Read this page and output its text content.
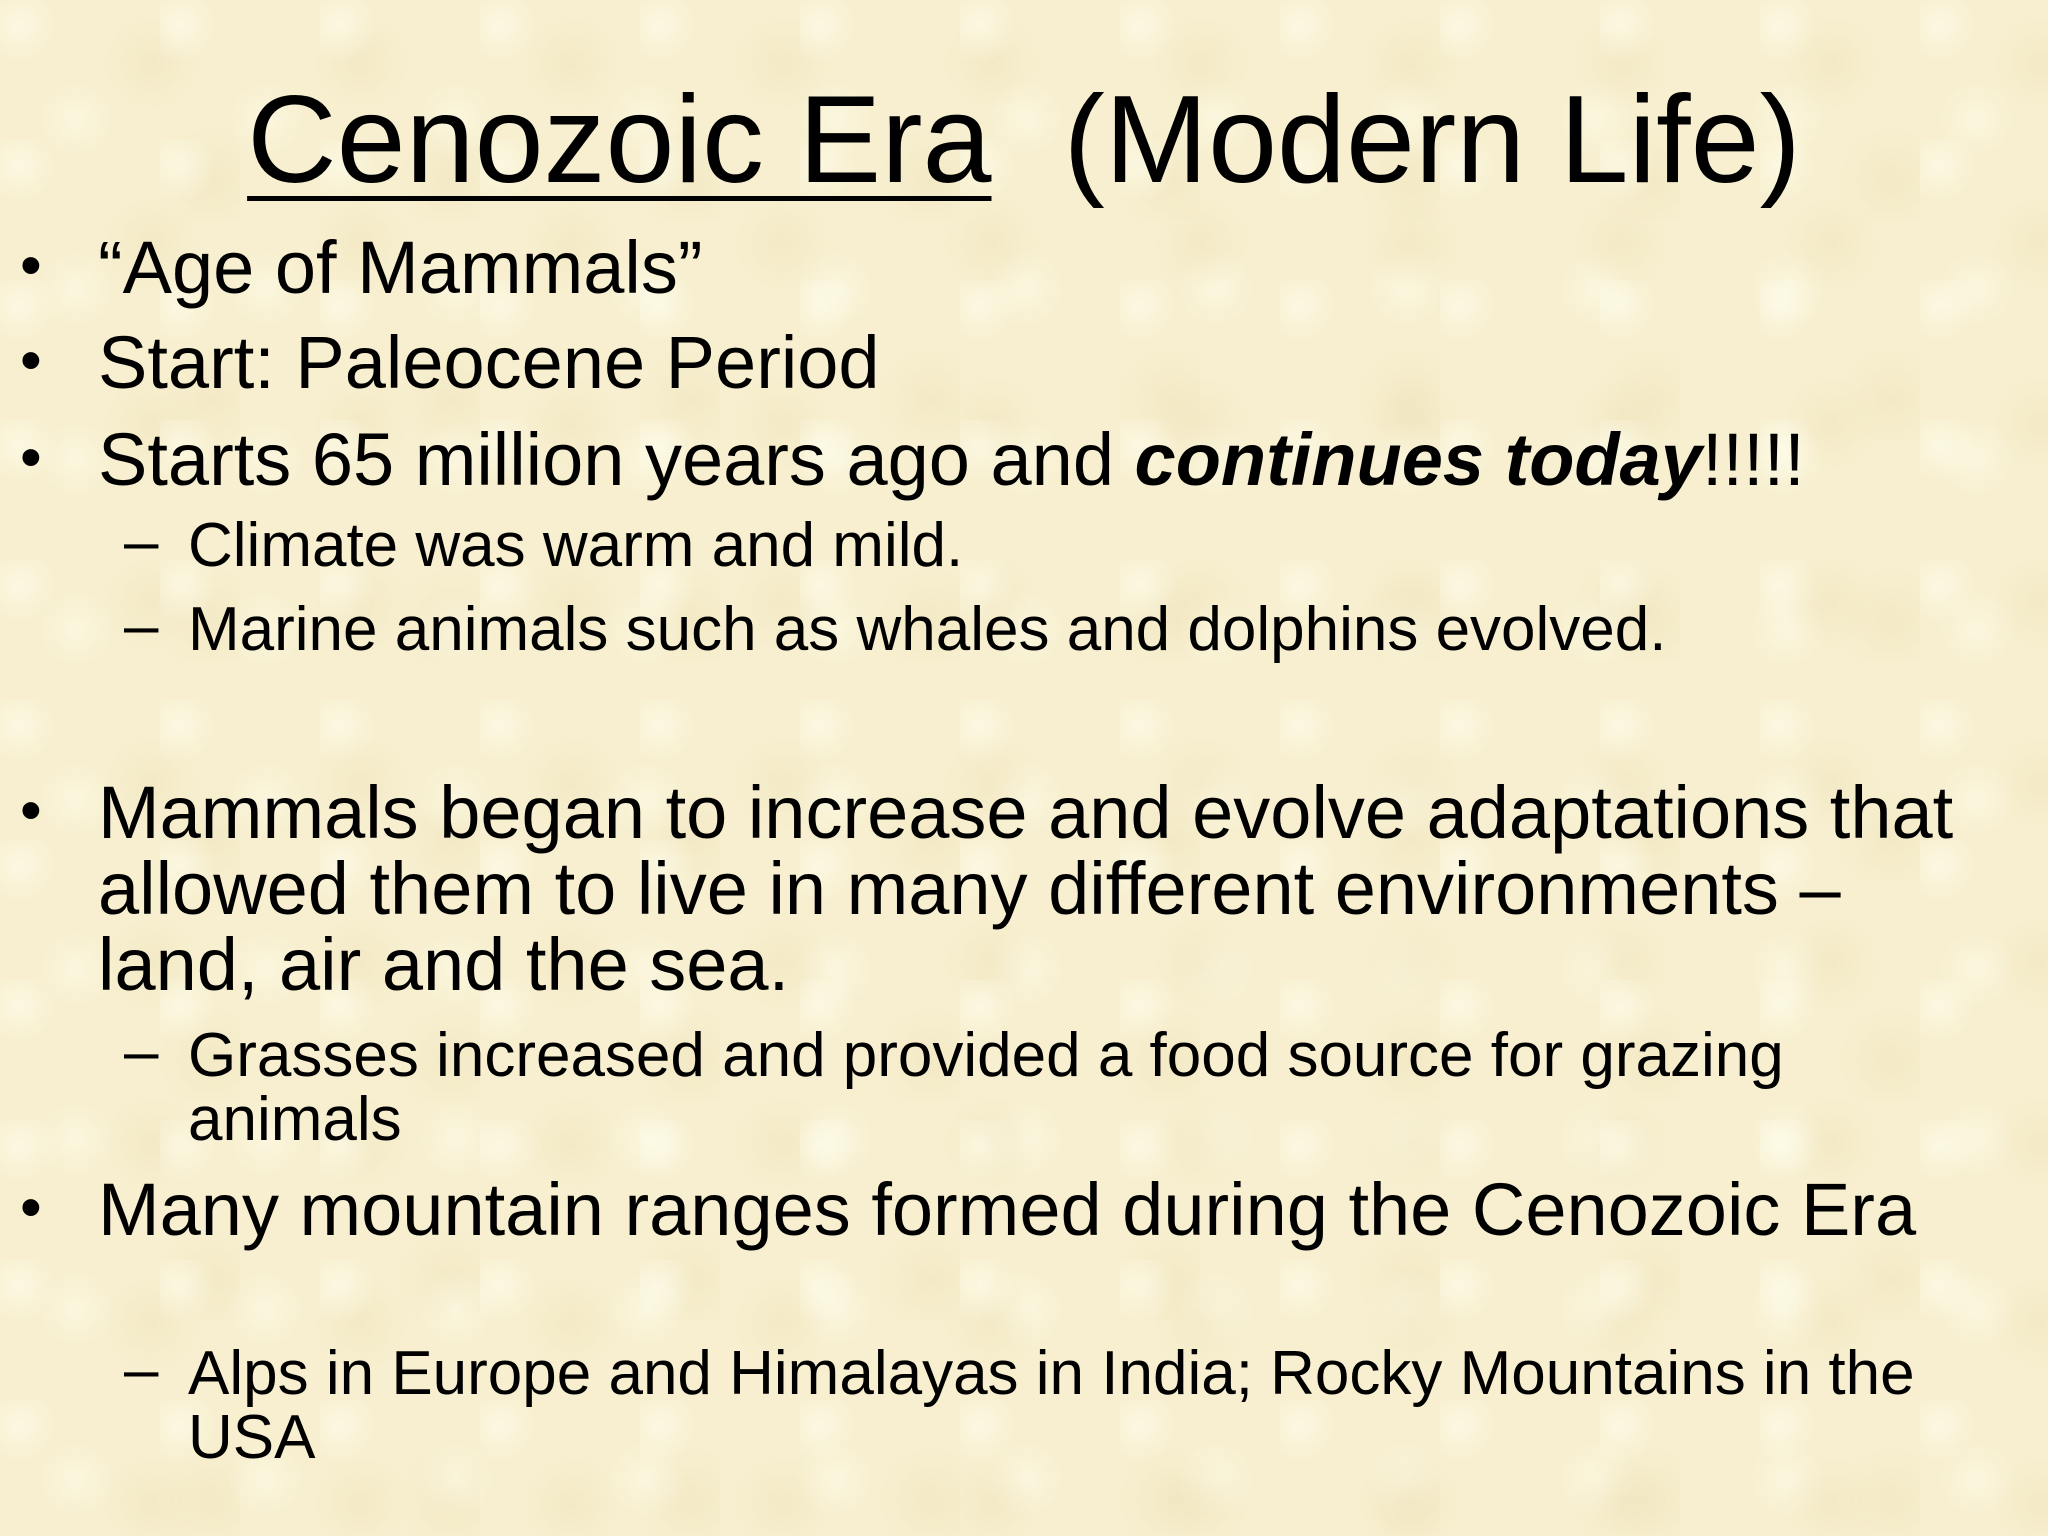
Cenozoic Era (Modern Life)
• “Age of Mammals”
• Start: Paleocene Period
• Starts 65 million years ago and continues today!!!!!
– Climate was warm and mild.
– Marine animals such as whales and dolphins evolved.
• Mammals began to increase and evolve adaptations that allowed them to live in many different environments – land, air and the sea.
– Grasses increased and provided a food source for grazing animals
• Many mountain ranges formed during the Cenozoic Era
– Alps in Europe and Himalayas in India; Rocky Mountains in the USA
